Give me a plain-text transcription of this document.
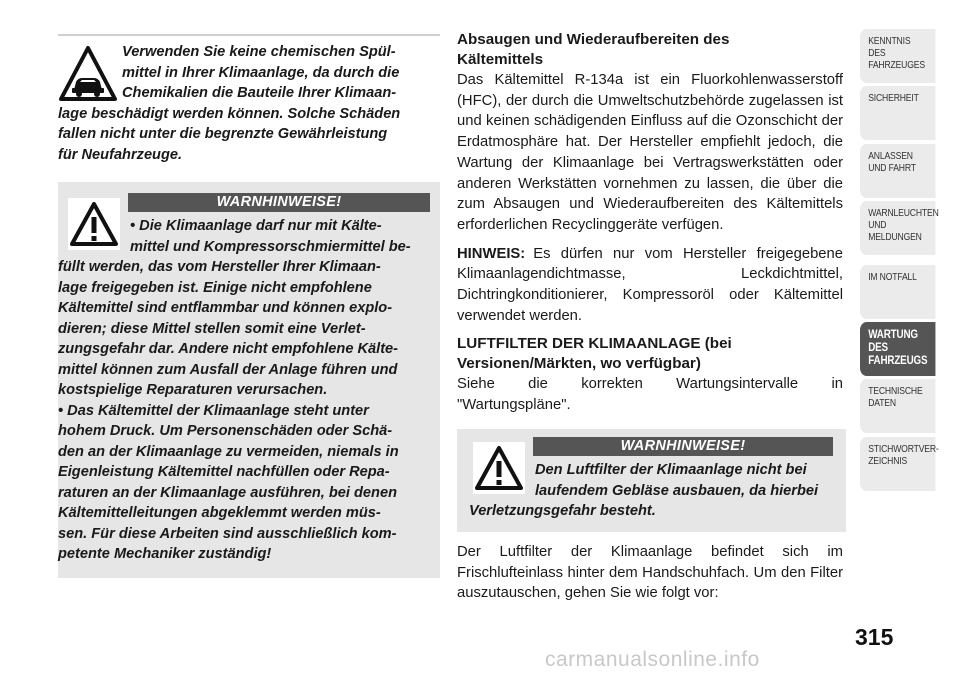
Verwenden Sie keine chemischen Spül-
mittel in Ihrer Klimaanlage, da durch die
Chemikalien die Bauteile Ihrer Klimaan-
lage beschädigt werden können. Solche Schäden
fallen nicht unter die begrenzte Gewährleistung
für Neufahrzeuge.
WARNHINWEISE!
• Die Klimaanlage darf nur mit Kälte-
mittel und Kompressorschmiermittel be-
füllt werden, das vom Hersteller Ihrer Klimaan-
lage freigegeben ist. Einige nicht empfohlene
Kältemittel sind entflammbar und können explo-
dieren; diese Mittel stellen somit eine Verlet-
zungsgefahr dar. Andere nicht empfohlene Kälte-
mittel können zum Ausfall der Anlage führen und
kostspielige Reparaturen verursachen.
• Das Kältemittel der Klimaanlage steht unter
hohem Druck. Um Personenschäden oder Schä-
den an der Klimaanlage zu vermeiden, niemals in
Eigenleistung Kältemittel nachfüllen oder Repa-
raturen an der Klimaanlage ausführen, bei denen
Kältemittelleitungen abgeklemmt werden müs-
sen. Für diese Arbeiten sind ausschließlich kom-
petente Mechaniker zuständig!
Absaugen und Wiederaufbereiten des
Kältemittels

Das Kältemittel R-134a ist ein Fluorkohlenwasserstoff (HFC), der durch die Umweltschutzbehörde zugelassen ist und keinen schädigenden Einfluss auf die Ozonschicht der Erdatmosphäre hat. Der Hersteller empfiehlt jedoch, die Wartung der Klimaanlage bei Vertragswerkstätten oder anderen Werkstätten vornehmen zu lassen, die über die zum Absaugen und Wiederaufbereiten des Kältemittels erforderlichen Recyclinggeräte verfügen.

HINWEIS: Es dürfen nur vom Hersteller freigegebene Klimaanlagendichtmasse, Leckdichtmittel, Dichtringkonditionierer, Kompressoröl oder Kältemittel verwendet werden.

LUFTFILTER DER KLIMAANLAGE (bei
Versionen/Märkten, wo verfügbar)

Siehe die korrekten Wartungsintervalle in "Wartungspläne".

WARNHINWEISE!
Den Luftfilter der Klimaanlage nicht bei
laufendem Gebläse ausbauen, da hierbei
Verletzungsgefahr besteht.

Der Luftfilter der Klimaanlage befindet sich im Frischlufteinlass hinter dem Handschuhfach. Um den Filter auszutauschen, gehen Sie wie folgt vor:

KENNTNIS
DES
FAHRZEUGES
SICHERHEIT
ANLASSEN
UND FAHRT
WARNLEUCHTEN
UND
MELDUNGEN
IM NOTFALL
WARTUNG
DES
FAHRZEUGS
TECHNISCHE
DATEN
STICHWORTVER-
ZEICHNIS
315
carmanualsonline.info
